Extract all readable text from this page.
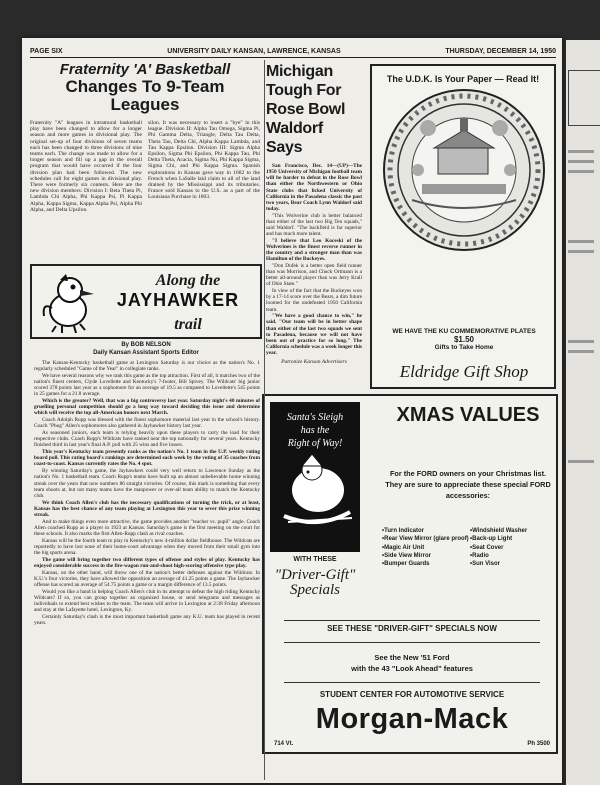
PAGE SIX	UNIVERSITY DAILY KANSAN, LAWRENCE, KANSAS	THURSDAY, DECEMBER 14, 1950
Fraternity 'A' Basketball
Changes To 9-Team Leagues
Fraternity "A" leagues in intramural basketball play have been changed to allow for a longer season and more games in divisional play. The original set-up of four divisions of seven teams each has been changed to three divisions of nine teams each. The change was made to allow for a longer season and fill up a gap in the overall program that would have occurred if the four division plan had been followed. The new schedules call for eight games in divisional play. There were formerly six contests. Here are the new division members: Division I: Beta Theta Pi, Lambda Chi Alpha, Phi Kappa Psi, Pi Kappa Alpha, Kappa Sigma, Kappa Alpha Psi, Alpha Phi Alpha, and Delta Upsilon.
silon. It was necessary to insert a "bye" in this league. Division II: Alpha Tau Omega, Sigma Pi, Phi Gamma Delta, Triangle, Delta Tau Delta, Theta Tau, Delta Chi, Alpha Kappa Lambda, and Tau Kappa Epsilon. Division III: Sigma Alpha Epsilon, Sigma Phi Epsilon, Phi Kappa Tau, Phi Delta Theta, Acacia, Sigma Nu, Phi Kappa Sigma, Sigma Chi, and Phi Kappa Sigma. Spanish explorations in Kansas gave way in 1682 to the French when LaSalle laid claim to all of the land drained by the Mississippi and its tributaries. France sold Kansas to the U.S. as a part of the Louisiana Purchase in 1803.
Along the
JAYHAWKER
trail
By BOB NELSON
Daily Kansan Assistant Sports Editor

The Kansas-Kentucky basketball game at Lexington Saturday is our choice as the nation's No. 1 regularly scheduled "Game of the Year" in collegiate ranks.

We have several reasons why we rank this game as the top attraction. First of all, it matches two of the nation's finest centers, Clyde Lovellette and Kentucky's 7-footer, Bill Spivey. The Wildcats' big junior scored 378 points last year as a sophomore for an average of 19.5 as compared to Lovellette's 545 points in 25 games for a 21.8 average.

Which is the greater? Well, that was a big controversy last year. Saturday night's 40 minutes of gruelling personal competition should go a long way toward deciding this issue and determine which will receive the top all-American honors next March.

Coach Adolph Rupp was blessed with the finest sophomore material last year in the school's history. Coach "Phog" Allen's sophomores also gathered in Jayhawker history last year.

As seasoned juniors, each team is relying heavily upon these players to carry the load for their respective clubs. Coach Rupp's Wildcats have ranked near the top nationally for several years. Kentucky finished third in last year's final A.P. poll with 25 wins and five losses.

This year's Kentucky team presently ranks as the nation's No. 1 team in the U.P. weekly rating board poll. This rating board's rankings are determined each week by the voting of 35 coaches from coast-to-coast. Kansas currently rates the No. 4 spot.

By winning Saturday's game, the Jayhawkers could very well return to Lawrence Sunday as the nation's No. 1 basketball team. Coach Rupp's teams have built up an almost unbelievable home winning streak over the years that now numbers 86 straight victories. Of course, this mark is something that every team shoots at, but not many teams have the manpower or over-all team ability to match the Kentucky club.

We think Coach Allen's club has the necessary qualifications of turning the trick, or at least, Kansas has the best chance of any team playing at Lexington this year to sever this prize winning streak.

And to make things even more attractive, the game provides another "teacher vs. pupil" angle. Coach Allen coached Rupp as a player in 1923 at Kansas. Saturday's game is the first meeting on the court for these schools. It also marks the first Allen-Rupp clash as rival coaches.

Kansas will be the fourth team to play in Kentucky's new 4-million dollar fieldhouse. The Wildcats are reportedly to have lost none of their home-court advantage when they moved from their small gym into the big sports arena.

The game will bring together two different types of offense and styles of play. Kentucky has enjoyed considerable success in the fire-wagon run-and-shoot high-scoring offensive type play.

Kansas, on the other hand, will throw one of the nation's better defenses against the Wildcats. In K.U.'s four victories, they have allowed the opposition an average of 41.25 points a game. The Jayhawker offense has scored an average of 54.75 points a game or a margin difference of 13.5 points.

Would you like a hand in helping Coach Allen's club in its attempt to defeat the high riding Kentucky Wildcats? If so, you can group together an organized house, or send telegrams and messages as individuals to extend best wishes to the team. The team will arrive in Lexington at 2:38 Friday afternoon and stay at the Lafayette hotel, Lexington, Ky.

Certainly Saturday's clash is the most important basketball game any K.U. team has played in recent years.

Michigan Tough For Rose Bowl Waldorf Says

San Francisco, Dec. 14—(UP)—The 1950 University of Michigan football team will be harder to defeat in the Rose Bowl than either the Northwestern or Ohio State clubs that licked University of California in the Pasadena classic the past two years, Bear Coach Lynn Waldorf said today.

"This Wolverine club is better balanced than either of the last two Big Ten squads," said Waldorf. "The backfield is far superior and has much more talent.

"I believe that Leo Koceski of the Wolverines is the finest reverse runner in the country and a stronger man than was Hamilton of the Buckeyes.

"Don Dufek is a better open field runner than was Morrison, and Chuck Ortmann is a better all-around player than was Jerry Krall of Ohio State."

In view of the fact that the Buckeyes won by a 17-14 score over the Bears, a dim future loomed for the undefeated 1950 California team.

"We have a good chance to win," he said. "Our team will be in better shape than either of the last two squads we sent to Pasadena, because we will not have been out of practice for so long." The California schedule was a week longer this year.

Patronize Kansan Advertisers
The U.D.K. Is Your Paper — Read It!
WE HAVE THE KU COMMEMORATIVE PLATES
$1.50
Gifts to Take Home
Eldridge Gift Shop
Santa's Sleigh
has the
Right of Way!
WITH THESE
"Driver-Gift" Specials
XMAS VALUES
For the FORD owners on your Christmas list. They are sure to appreciate these special FORD accessories:
• Turn Indicator	• Windshield Washer
• Rear View Mirror (glare proof) • Back-up Light
• Magic Air Unit	• Seat Cover
• Side View Mirror	• Radio
• Bumper Guards	• Sun Visor
SEE THESE "DRIVER-GIFT" SPECIALS NOW
See the New '51 Ford
with the 43 "Look Ahead" features
STUDENT CENTER FOR AUTOMOTIVE SERVICE
Morgan-Mack
714 Vt.	Ph 3500
